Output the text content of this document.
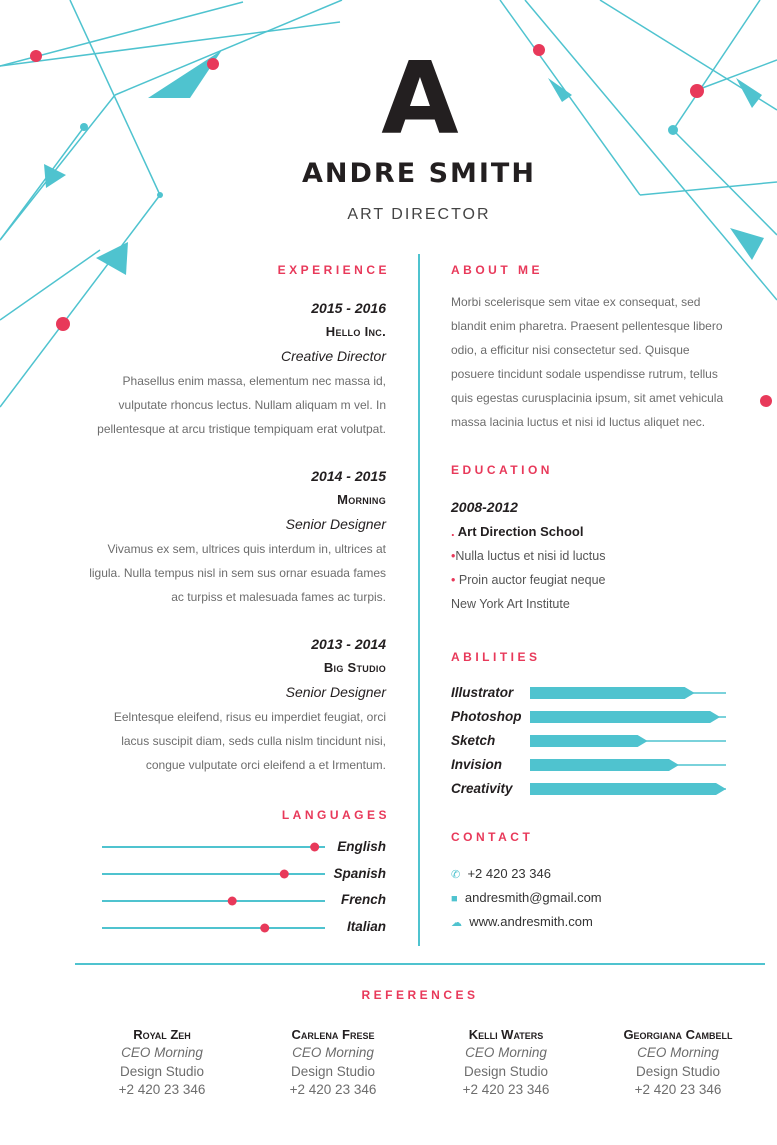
A
ANDRE SMITH
ART DIRECTOR
EXPERIENCE
2015 - 2016
Hello Inc.
Creative Director
Phasellus enim massa, elementum nec massa id,
vulputate rhoncus lectus. Nullam aliquam m vel. In
pellentesque at arcu tristique tempiquam erat volutpat.
2014 - 2015
Morning
Senior Designer
Vivamus ex sem, ultrices quis interdum in, ultrices at
ligula. Nulla tempus nisl in sem sus ornar esuada fames
ac turpiss et malesuada fames ac turpis.
2013 - 2014
Big Studio
Senior Designer
Eelntesque eleifend, risus eu imperdiet feugiat, orci
lacus suscipit diam, seds culla nislm tincidunt nisi,
congue vulputate orci eleifend a et Irmentum.
LANGUAGES
English
Spanish
French
Italian
ABOUT ME
Morbi scelerisque sem vitae ex consequat, sed
blandit enim pharetra. Praesent pellentesque libero
odio, a efficitur nisi consectetur sed. Quisque
posuere tincidunt sodale uspendisse rutrum, tellus
quis egestas curusplacinia ipsum, sit amet vehicula
massa lacinia luctus et nisi id luctus aliquet nec.
EDUCATION
2008-2012
. Art Direction School
•Nulla luctus et nisi id luctus
• Proin auctor feugiat neque
New York Art Institute
ABILITIES
Illustrator
Photoshop
Sketch
Invision
Creativity
CONTACT
✆ +2 420 23 346
■ andresmith@gmail.com
☁ www.andresmith.com
REFERENCES
Royal Zeh
CEO Morning
Design Studio
+2 420 23 346
Carlena Frese
CEO Morning
Design Studio
+2 420 23 346
Kelli Waters
CEO Morning
Design Studio
+2 420 23 346
Georgiana Cambell
CEO Morning
Design Studio
+2 420 23 346
